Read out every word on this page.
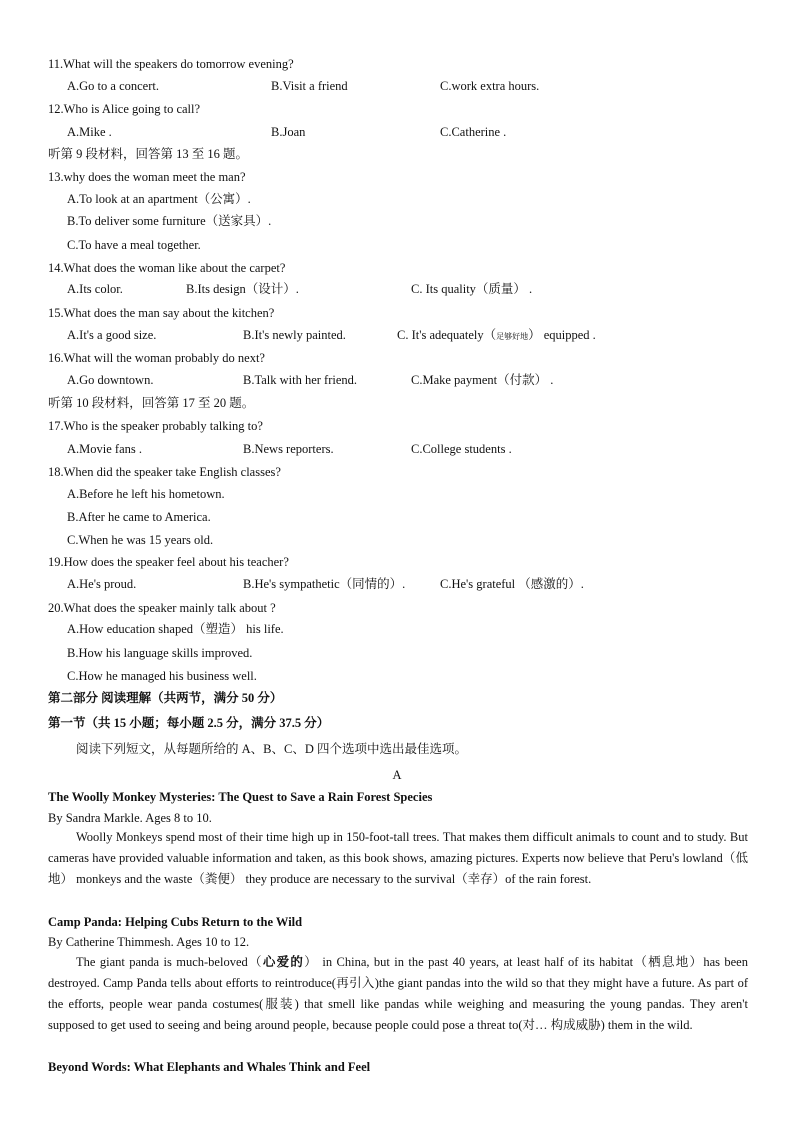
11.What will the speakers do tomorrow evening?
A.Go to a concert.	B.Visit a friend	C.work extra hours.
12.Who is Alice going to call?
A.Mike .	B.Joan	C.Catherine .
听第 9 段材料，回答第 13 至 16 题。
13.why does the woman meet the man?
A.To look at an apartment（公寓）.
B.To deliver some furniture（送家具）.
C.To have a meal together.
14.What does the woman like about the carpet?
A.Its color.	B.Its design（设计）.	C. Its quality（质量） .
15.What does the man say about the kitchen?
A.It's a good size.	B.It's newly painted.	C. It's adequately（足够好地） equipped .
16.What will the woman probably do next?
A.Go downtown.	B.Talk with her friend.	C.Make payment（付款） .
听第 10 段材料，回答第 17 至 20 题。
17.Who is the speaker probably talking to?
A.Movie fans .	B.News reporters.	C.College students .
18.When did the speaker take English classes?
A.Before he left his hometown.
B.After he came to America.
C.When he was 15 years old.
19.How does the speaker feel about his teacher?
A.He's proud.	B.He's sympathetic（同情的）.	C.He's grateful （感激的）.
20.What does the speaker mainly talk about ?
A.How education shaped（塑造） his life.
B.How his language skills improved.
C.How he managed his business well.
第二部分 阅读理解（共两节，满分 50 分）
第一节（共 15 小题；每小题 2.5 分，满分 37.5 分）
阅读下列短文，从每题所给的 A、B、C、D 四个选项中选出最佳选项。
A
The Woolly Monkey Mysteries: The Quest to Save a Rain Forest Species
By Sandra Markle. Ages 8 to 10.
Woolly Monkeys spend most of their time high up in 150-foot-tall trees. That makes them difficult animals to count and to study. But cameras have provided valuable information and taken, as this book shows, amazing pictures. Experts now believe that Peru's lowland（低地） monkeys and the waste（粪便） they produce are necessary to the survival（幸存）of the rain forest.
Camp Panda: Helping Cubs Return to the Wild
By Catherine Thimmesh. Ages 10 to 12.
The giant panda is much-beloved（心爱的） in China, but in the past 40 years, at least half of its habitat（栖息地）has been destroyed. Camp Panda tells about efforts to reintroduce(再引入)the giant pandas into the wild so that they might have a future. As part of the efforts, people wear panda costumes(服装) that smell like pandas while weighing and measuring the young pandas. They aren't supposed to get used to seeing and being around people, because people could pose a threat to(对… 构成威胁) them in the wild.
Beyond Words: What Elephants and Whales Think and Feel
